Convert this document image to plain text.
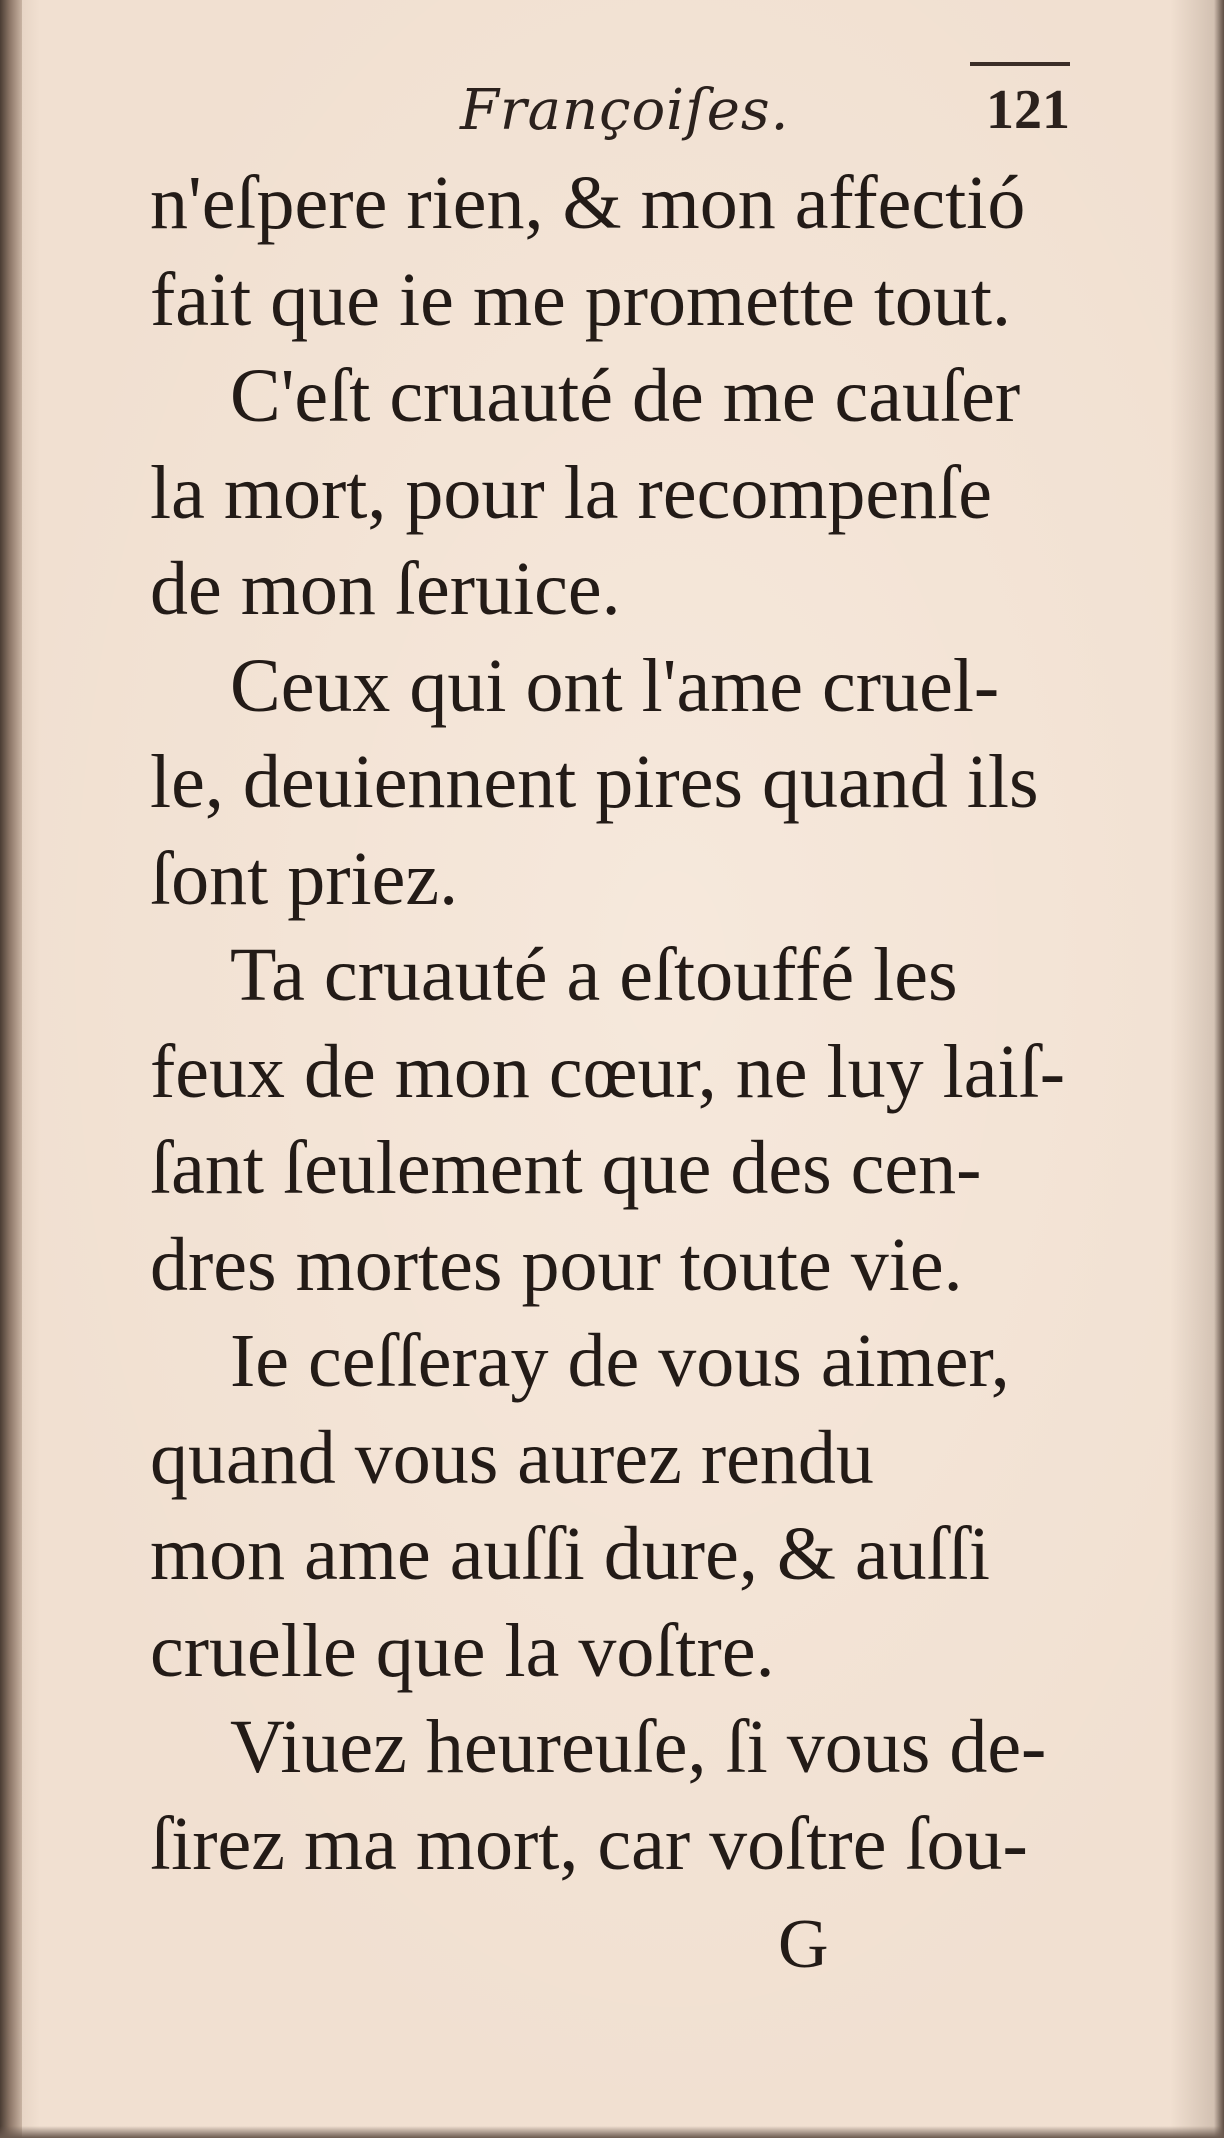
Françoiſes.	121
n'eſpere rien, & mon affectió
fait que ie me promette tout.
C'eſt cruauté de me cauſer
la mort, pour la recompenſe
de mon ſeruice.
Ceux qui ont l'ame cruel-
le, deuiennent pires quand ils
ſont priez.
Ta cruauté a eſtouffé les
feux de mon cœur, ne luy laiſ-
ſant ſeulement que des cen-
dres mortes pour toute vie.
Ie ceſſeray de vous aimer,
quand vous aurez rendu
mon ame auſſi dure, & auſſi
cruelle que la voſtre.
Viuez heureuſe, ſi vous de-
ſirez ma mort, car voſtre ſou-
G
